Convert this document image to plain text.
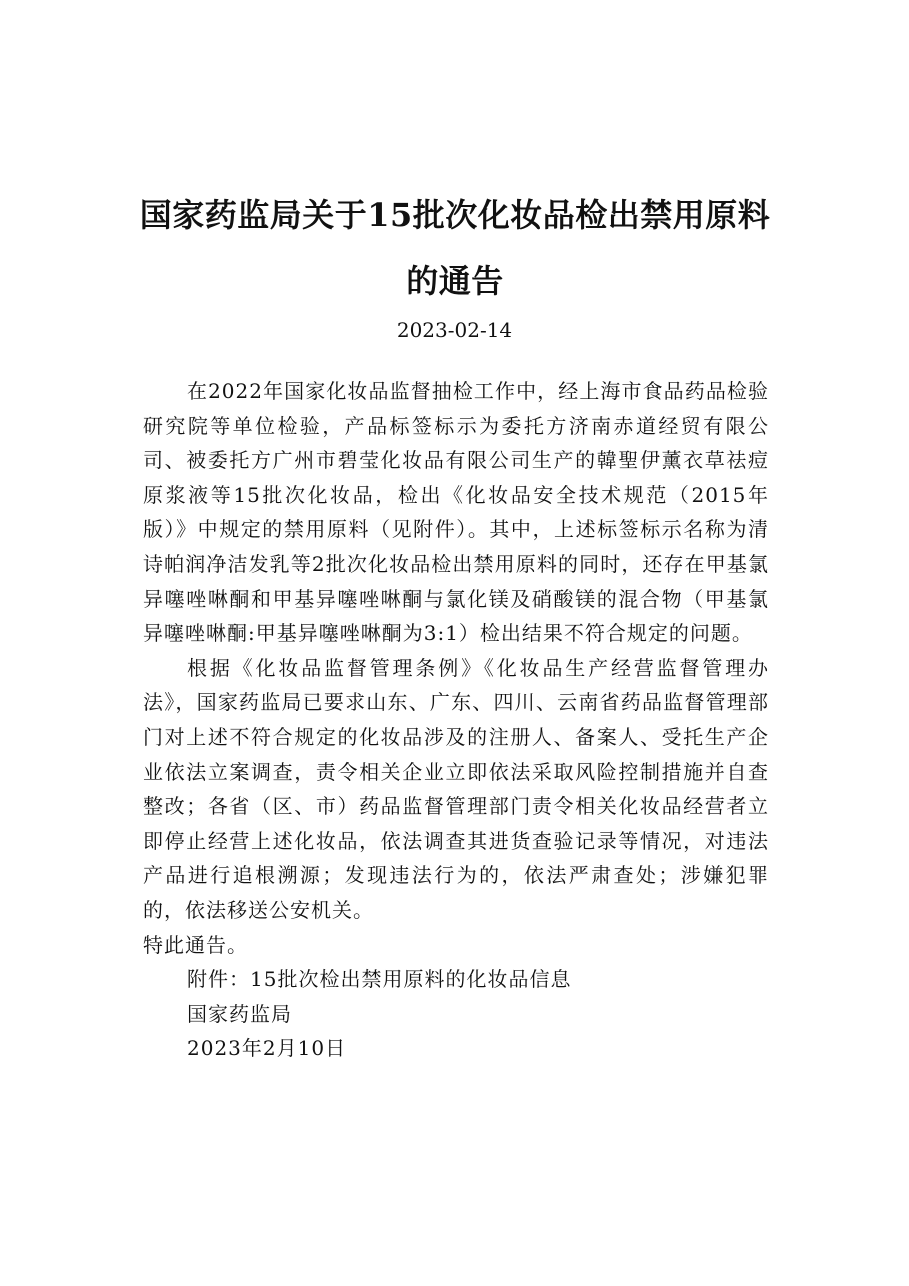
国家药监局关于15批次化妆品检出禁用原料的通告
2023-02-14

在2022年国家化妆品监督抽检工作中，经上海市食品药品检验研究院等单位检验，产品标签标示为委托方济南赤道经贸有限公司、被委托方广州市碧莹化妆品有限公司生产的韓聖伊薰衣草祛痘原浆液等15批次化妆品，检出《化妆品安全技术规范（2015年版）》中规定的禁用原料（见附件）。其中，上述标签标示名称为清诗帕润净洁发乳等2批次化妆品检出禁用原料的同时，还存在甲基氯异噻唑啉酮和甲基异噻唑啉酮与氯化镁及硝酸镁的混合物（甲基氯异噻唑啉酮:甲基异噻唑啉酮为3:1）检出结果不符合规定的问题。

根据《化妆品监督管理条例》《化妆品生产经营监督管理办法》，国家药监局已要求山东、广东、四川、云南省药品监督管理部门对上述不符合规定的化妆品涉及的注册人、备案人、受托生产企业依法立案调查，责令相关企业立即依法采取风险控制措施并自查整改；各省（区、市）药品监督管理部门责令相关化妆品经营者立即停止经营上述化妆品，依法调查其进货查验记录等情况，对违法产品进行追根溯源；发现违法行为的，依法严肃查处；涉嫌犯罪的，依法移送公安机关。

特此通告。

附件：15批次检出禁用原料的化妆品信息

国家药监局

2023年2月10日
